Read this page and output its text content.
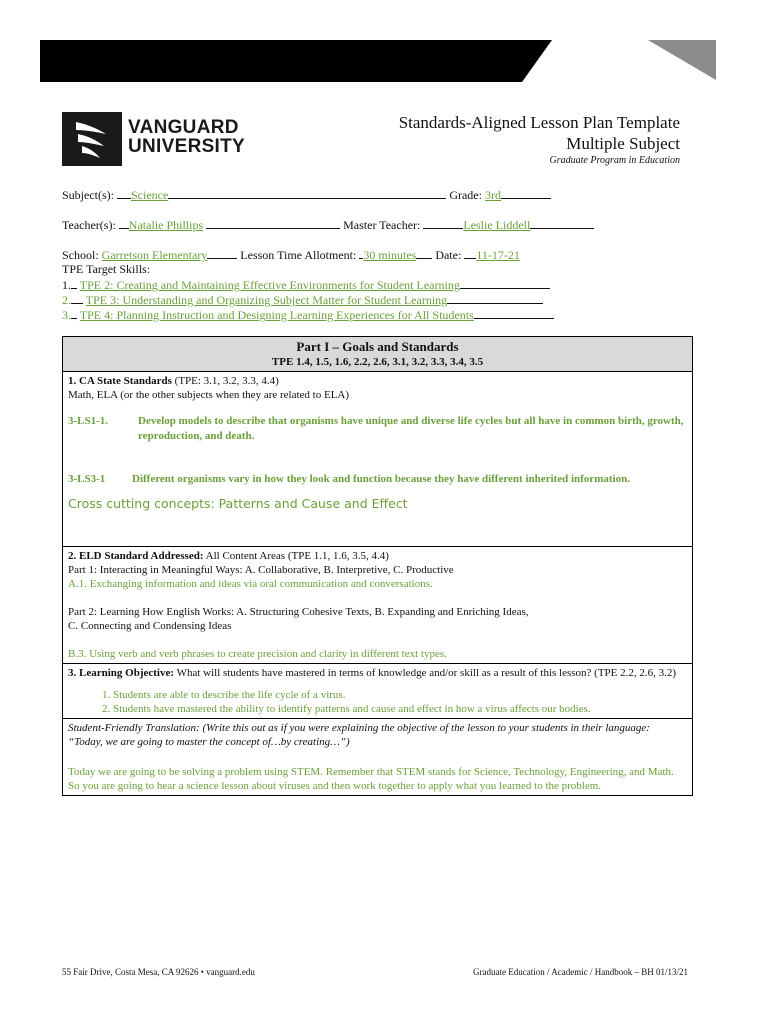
VANGUARD
UNIVERSITY
Standards-Aligned Lesson Plan Template
Multiple Subject
Graduate Program in Education
Subject(s): Science	Grade: 3rd
Teacher(s): Natalie Phillips	Master Teacher:	Leslie Liddell
School: Garretson Elementary	Lesson Time Allotment: 30 minutes Date: 11-17-21
TPE Target Skills:
1. TPE 2: Creating and Maintaining Effective Environments for Student Learning
2. TPE 3: Understanding and Organizing Subject Matter for Student Learning
3. TPE 4: Planning Instruction and Designing Learning Experiences for All Students
Part I – Goals and Standards
TPE 1.4, 1.5, 1.6, 2.2, 2.6, 3.1, 3.2, 3.3, 3.4, 3.5

1. CA State Standards (TPE: 3.1, 3.2, 3.3, 4.4)
Math, ELA (or the other subjects when they are related to ELA)
3-LS1-1.	Develop models to describe that organisms have unique and diverse life cycles but all have in common birth, growth, reproduction, and death.
3-LS3-1	Different organisms vary in how they look and function because they have different inherited information.
Cross cutting concepts: Patterns and Cause and Effect

2. ELD Standard Addressed: All Content Areas (TPE 1.1, 1.6, 3.5, 4.4)
Part 1: Interacting in Meaningful Ways: A. Collaborative, B. Interpretive, C. Productive
A.1. Exchanging information and ideas via oral communication and conversations.
Part 2: Learning How English Works: A. Structuring Cohesive Texts, B. Expanding and Enriching Ideas,
C. Connecting and Condensing Ideas
B.3. Using verb and verb phrases to create precision and clarity in different text types.

3. Learning Objective: What will students have mastered in terms of knowledge and/or skill as a result of this lesson? (TPE 2.2, 2.6, 3.2)
1. Students are able to describe the life cycle of a virus.
2. Students have mastered the ability to identify patterns and cause and effect in how a virus affects our bodies.

Student-Friendly Translation: (Write this out as if you were explaining the objective of the lesson to your students in their language: “Today, we are going to master the concept of…by creating…”)
Today we are going to be solving a problem using STEM. Remember that STEM stands for Science, Technology, Engineering, and Math. So you are going to hear a science lesson about viruses and then work together to apply what you learned to the problem.
55 Fair Drive, Costa Mesa, CA 92626 • vanguard.edu	Graduate Education / Academic / Handbook – BH 01/13/21
